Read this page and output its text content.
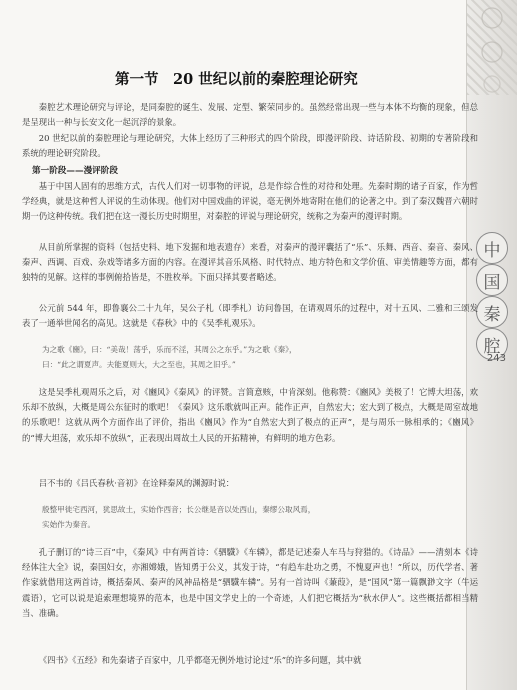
中
国
秦
腔
243
第一节　20 世纪以前的秦腔理论研究

秦腔艺术理论研究与评论，是同秦腔的诞生、发展、定型、繁荣同步的。虽然经常出现一些与本体不均衡的现象，但总是呈现出一种与长安文化一起沉浮的景象。

20 世纪以前的秦腔理论与理论研究，大体上经历了三种形式的四个阶段，即漫评阶段、诗话阶段、初期的专著阶段和系统的理论研究阶段。

第一阶段——漫评阶段

基于中国人固有的思维方式，古代人们对一切事物的评说，总是作综合性的对待和处理。先秦时期的诸子百家，作为哲学经典，就是这种哲人评说的生动体现。他们对中国戏曲的评说，毫无例外地寄附在他们的论著之中。到了秦汉魏晋六朝时期一仍这种传统。我们把在这一漫长历史时期里，对秦腔的评说与理论研究，统称之为秦声的漫评时期。

从目前所掌握的资料（包括史料、地下发掘和地表遗存）来看，对秦声的漫评囊括了“乐”、乐舞、西音、秦音、秦风、秦声、西调、百戏、杂戏等诸多方面的内容。在漫评其音乐风格、时代特点、地方特色和文学价值、审美情趣等方面，都有独特的见解。这样的事例俯拾皆是，不胜枚举。下面只择其要者略述。

公元前 544 年，即鲁襄公二十九年，吴公子札（即季札）访问鲁国，在请观周乐的过程中，对十五风、二雅和三颂发表了一通举世闻名的高见。这就是《春秋》中的《吴季札观乐》。

为之歌《豳》，曰：“美哉！荡乎，乐而不淫，其周公之东乎。”为之歌《秦》，

曰：“此之谓夏声。夫能夏则大，大之至也，其周之旧乎。”

这是吴季札观周乐之后，对《豳风》《秦风》的评赞。言简意赅，中肯深刻。他称赞：《豳风》美极了！它博大坦荡，欢乐却不放纵，大概是周公东征时的歌吧！《秦风》这乐歌就叫正声。能作正声，自然宏大；宏大到了极点，大概是周室故地的乐歌吧！这就从两个方面作出了评价，指出《豳风》作为“自然宏大到了极点的正声”，是与周乐一脉相承的；《豳风》的“博大坦荡，欢乐却不放纵”，正表现出周故土人民的开拓精神，有鲜明的地方色彩。

吕不韦的《吕氏春秋·音初》在诠释秦风的渊源时说：

殷整甲徙宅西河，犹思故土，实始作西音；长公继是音以处西山，秦缪公取风焉，

实始作为秦音。

孔子删订的“诗三百”中，《秦风》中有两首诗：《驷驖》《车辚》，都是记述秦人车马与狩猎的。《诗品》——清刻本《诗经体注大全》说，秦国妇女，亦湘嫦娥，皆知勇于公义，其发于诗，“有趋车赴功之勇，不愧夏声也！”所以，历代学者、著作家就借用这两首诗，概括秦风、秦声的风神品格是“驷驖车辚”。另有一首诗叫《蒹葭》，是“国风”第一篇飘渺文字（牛运震语），它可以说是追索理想境界的范本，也是中国文学史上的一个奇迹，人们把它概括为“秋水伊人”。这些概括都相当精当、准确。

《四书》《五经》和先秦诸子百家中，几乎都毫无例外地讨论过“乐”的许多问题，其中就
